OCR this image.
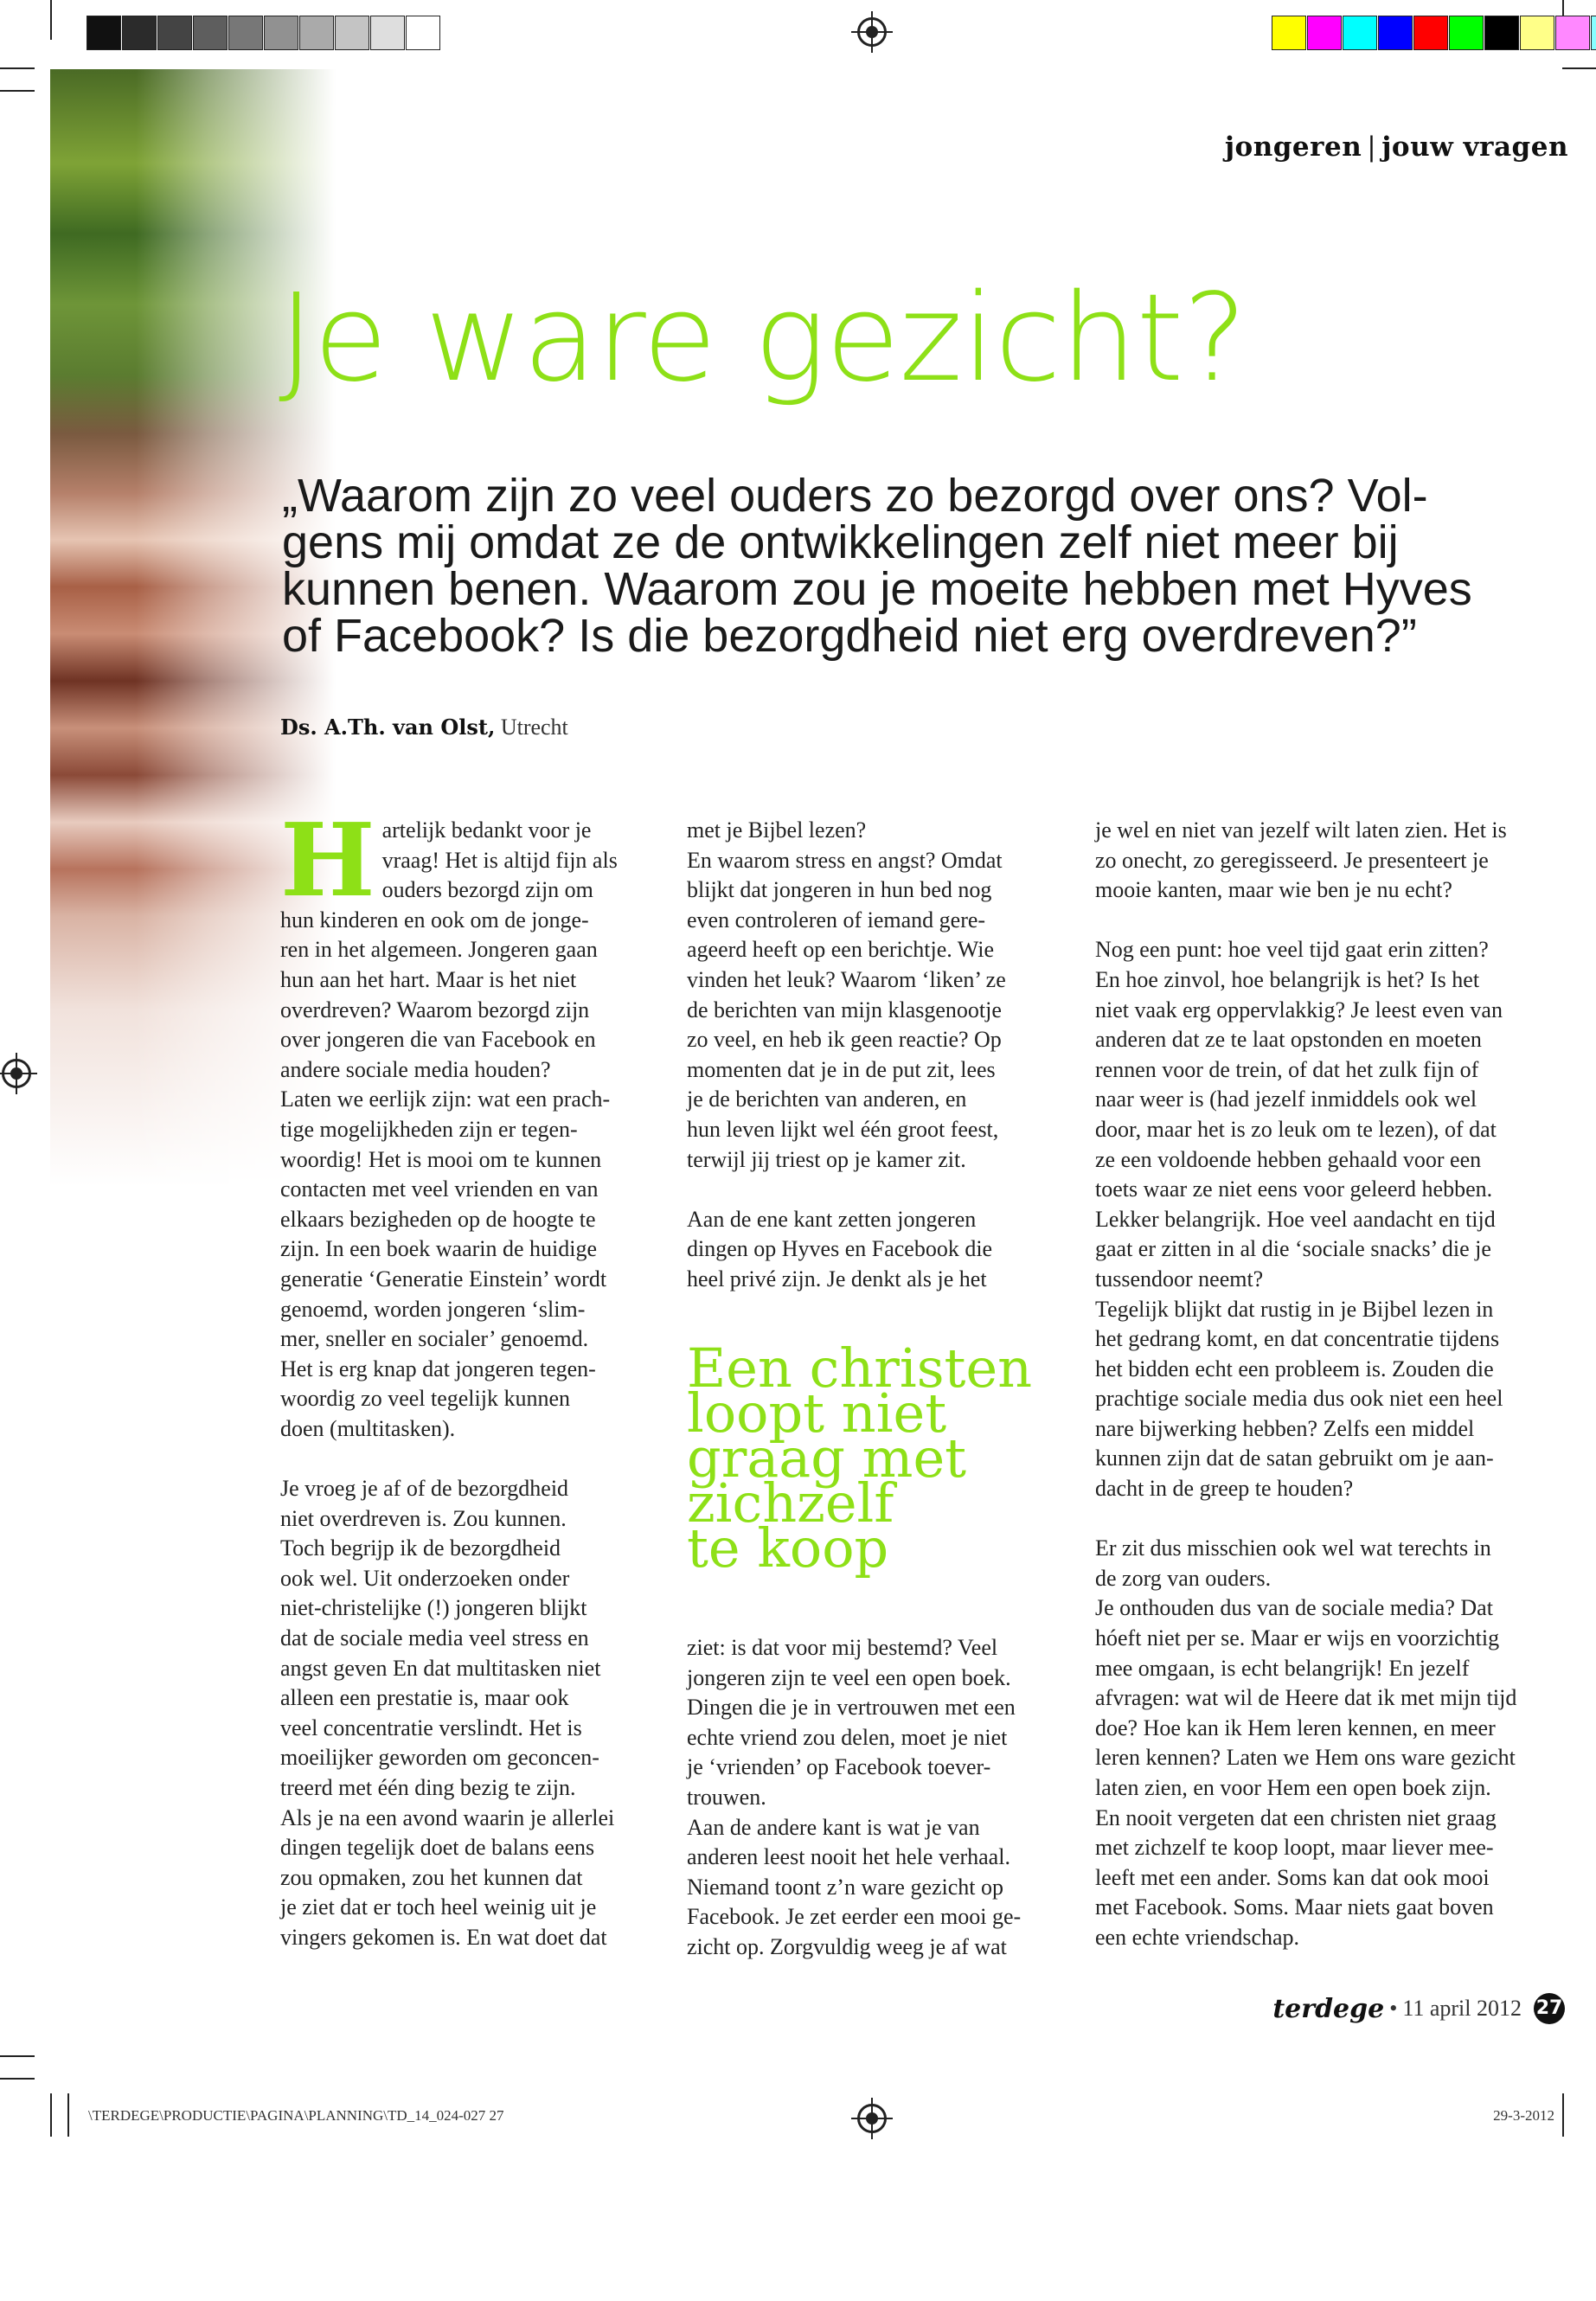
jongeren | jouw vragen
Je ware gezicht?

„Waarom zijn zo veel ouders zo bezorgd over ons? Vol-
gens mij omdat ze de ontwikkelingen zelf niet meer bij
kunnen benen. Waarom zou je moeite hebben met Hyves
of Facebook? Is die bezorgdheid niet erg overdreven?”

Ds. A.Th. van Olst, Utrecht
H artelijk bedankt voor je

vraag! Het is altijd fijn als

ouders bezorgd zijn om

hun kinderen en ook om de jonge-

ren in het algemeen. Jongeren gaan

hun aan het hart. Maar is het niet

overdreven? Waarom bezorgd zijn

over jongeren die van Facebook en

andere sociale media houden?

Laten we eerlijk zijn: wat een prach-

tige mogelijkheden zijn er tegen-

woordig! Het is mooi om te kunnen

contacten met veel vrienden en van

elkaars bezigheden op de hoogte te

zijn. In een boek waarin de huidige

generatie ‘Generatie Einstein’ wordt

genoemd, worden jongeren ‘slim-

mer, sneller en socialer’ genoemd.

Het is erg knap dat jongeren tegen-

woordig zo veel tegelijk kunnen

doen (multitasken).

Je vroeg je af of de bezorgdheid

niet overdreven is. Zou kunnen.

Toch begrijp ik de bezorgdheid

ook wel. Uit onderzoeken onder

niet-christelijke (!) jongeren blijkt

dat de sociale media veel stress en

angst geven En dat multitasken niet

alleen een prestatie is, maar ook

veel concentratie verslindt. Het is

moeilijker geworden om geconcen-

treerd met één ding bezig te zijn.

Als je na een avond waarin je allerlei

dingen tegelijk doet de balans eens

zou opmaken, zou het kunnen dat

je ziet dat er toch heel weinig uit je

vingers gekomen is. En wat doet dat

met je Bijbel lezen?

En waarom stress en angst? Omdat

blijkt dat jongeren in hun bed nog

even controleren of iemand gere-

ageerd heeft op een berichtje. Wie

vinden het leuk? Waarom ‘liken’ ze

de berichten van mijn klasgenootje

zo veel, en heb ik geen reactie? Op

momenten dat je in de put zit, lees

je de berichten van anderen, en

hun leven lijkt wel één groot feest,

terwijl jij triest op je kamer zit.

Aan de ene kant zetten jongeren

dingen op Hyves en Facebook die

heel privé zijn. Je denkt als je het

Een christen
loopt niet
graag met
zichzelf
te koop

ziet: is dat voor mij bestemd? Veel

jongeren zijn te veel een open boek.

Dingen die je in vertrouwen met een

echte vriend zou delen, moet je niet

je ‘vrienden’ op Facebook toever-

trouwen.

Aan de andere kant is wat je van

anderen leest nooit het hele verhaal.

Niemand toont z’n ware gezicht op

Facebook. Je zet eerder een mooi ge-

zicht op. Zorgvuldig weeg je af wat

je wel en niet van jezelf wilt laten zien. Het is

zo onecht, zo geregisseerd. Je presenteert je

mooie kanten, maar wie ben je nu echt?

Nog een punt: hoe veel tijd gaat erin zitten?

En hoe zinvol, hoe belangrijk is het? Is het

niet vaak erg oppervlakkig? Je leest even van

anderen dat ze te laat opstonden en moeten

rennen voor de trein, of dat het zulk fijn of

naar weer is (had jezelf inmiddels ook wel

door, maar het is zo leuk om te lezen), of dat

ze een voldoende hebben gehaald voor een

toets waar ze niet eens voor geleerd hebben.

Lekker belangrijk. Hoe veel aandacht en tijd

gaat er zitten in al die ‘sociale snacks’ die je

tussendoor neemt?

Tegelijk blijkt dat rustig in je Bijbel lezen in

het gedrang komt, en dat concentratie tijdens

het bidden echt een probleem is. Zouden die

prachtige sociale media dus ook niet een heel

nare bijwerking hebben? Zelfs een middel

kunnen zijn dat de satan gebruikt om je aan-

dacht in de greep te houden?

Er zit dus misschien ook wel wat terechts in

de zorg van ouders.

Je onthouden dus van de sociale media? Dat

hóeft niet per se. Maar er wijs en voorzichtig

mee omgaan, is echt belangrijk! En jezelf

afvragen: wat wil de Heere dat ik met mijn tijd

doe? Hoe kan ik Hem leren kennen, en meer

leren kennen? Laten we Hem ons ware gezicht

laten zien, en voor Hem een open boek zijn.

En nooit vergeten dat een christen niet graag

met zichzelf te koop loopt, maar liever mee-

leeft met een ander. Soms kan dat ook mooi

met Facebook. Soms. Maar niets gaat boven

een echte vriendschap.

terdege • 11 april 2012 27
\TERDEGE\PRODUCTIE\PAGINA\PLANNING\TD_14_024-027 27	29-3-2012
